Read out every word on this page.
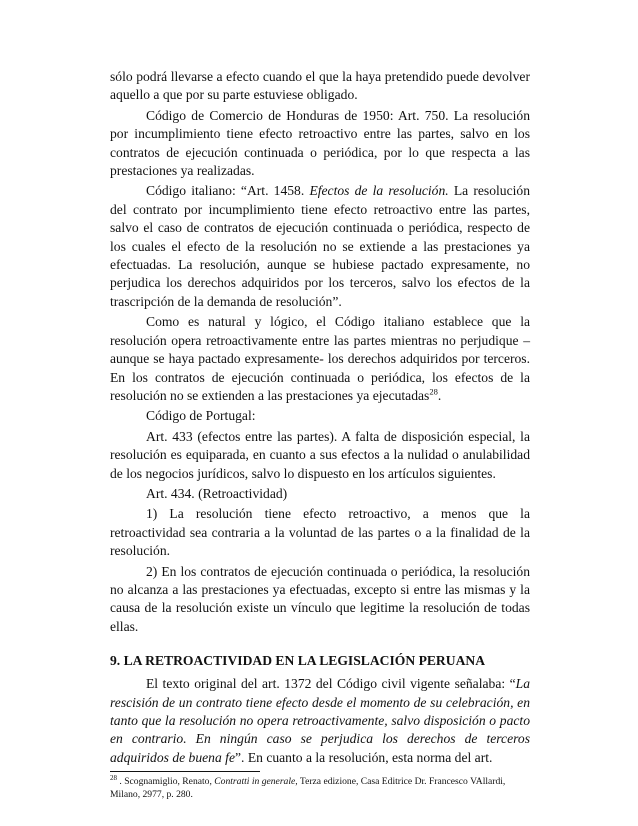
sólo podrá llevarse a efecto cuando el que la haya pretendido puede devolver aquello a que por su parte estuviese obligado.

Código de Comercio de Honduras de 1950: Art. 750. La resolución por incumplimiento tiene efecto retroactivo entre las partes, salvo en los contratos de ejecución continuada o periódica, por lo que respecta a las prestaciones ya realizadas.

Código italiano: “Art. 1458. Efectos de la resolución. La resolución del contrato por incumplimiento tiene efecto retroactivo entre las partes, salvo el caso de contratos de ejecución continuada o periódica, respecto de los cuales el efecto de la resolución no se extiende a las prestaciones ya efectuadas. La resolución, aunque se hubiese pactado expresamente, no perjudica los derechos adquiridos por los terceros, salvo los efectos de la trascripción de la demanda de resolución”.

Como es natural y lógico, el Código italiano establece que la resolución opera retroactivamente entre las partes mientras no perjudique – aunque se haya pactado expresamente- los derechos adquiridos por terceros. En los contratos de ejecución continuada o periódica, los efectos de la resolución no se extienden a las prestaciones ya ejecutadas$^{28}$.

Código de Portugal:

Art. 433 (efectos entre las partes). A falta de disposición especial, la resolución es equiparada, en cuanto a sus efectos a la nulidad o anulabilidad de los negocios jurídicos, salvo lo dispuesto en los artículos siguientes.

Art. 434. (Retroactividad)

1) La resolución tiene efecto retroactivo, a menos que la retroactividad sea contraria a la voluntad de las partes o a la finalidad de la resolución.

2) En los contratos de ejecución continuada o periódica, la resolución no alcanza a las prestaciones ya efectuadas, excepto si entre las mismas y la causa de la resolución existe un vínculo que legitime la resolución de todas ellas.

9. LA RETROACTIVIDAD EN LA LEGISLACIÓN PERUANA

El texto original del art. 1372 del Código civil vigente señalaba: “La rescisión de un contrato tiene efecto desde el momento de su celebración, en tanto que la resolución no opera retroactivamente, salvo disposición o pacto en contrario. En ningún caso se perjudica los derechos de terceros adquiridos de buena fe”. En cuanto a la resolución, esta norma del art.

$^{28}$ . Scognamiglio, Renato, Contratti in generale, Terza edizione, Casa Editrice Dr. Francesco VAllardi, Milano, 2977, p. 280.
